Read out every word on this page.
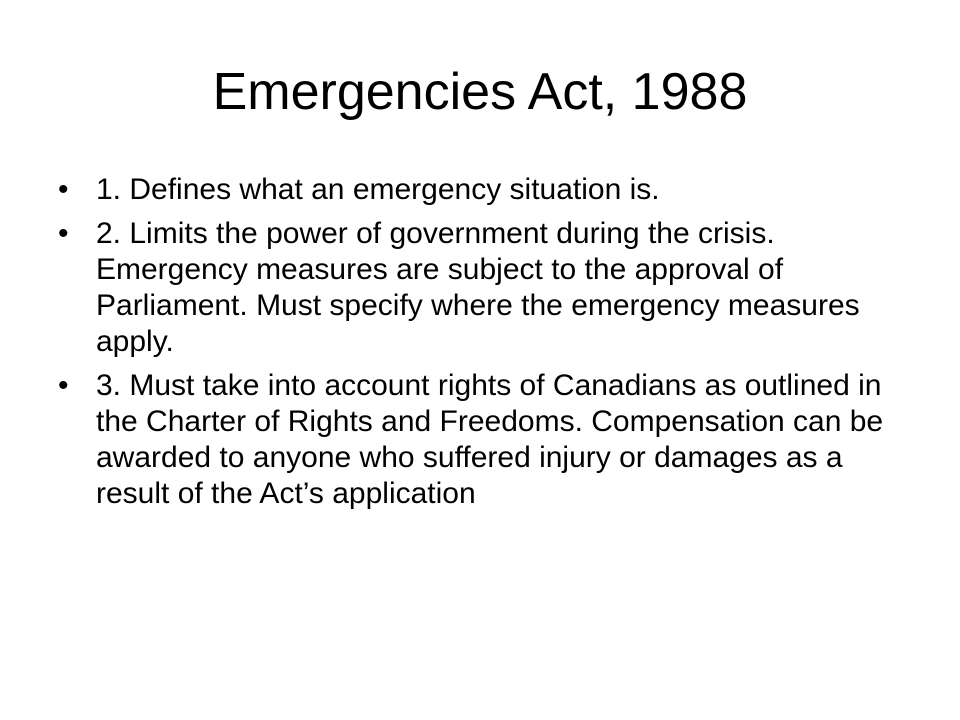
Emergencies Act, 1988
• 1. Defines what an emergency situation is.
• 2. Limits the power of government during the crisis. Emergency measures are subject to the approval of Parliament. Must specify where the emergency measures apply.
• 3. Must take into account rights of Canadians as outlined in the Charter of Rights and Freedoms. Compensation can be awarded to anyone who suffered injury or damages as a result of the Act’s application
